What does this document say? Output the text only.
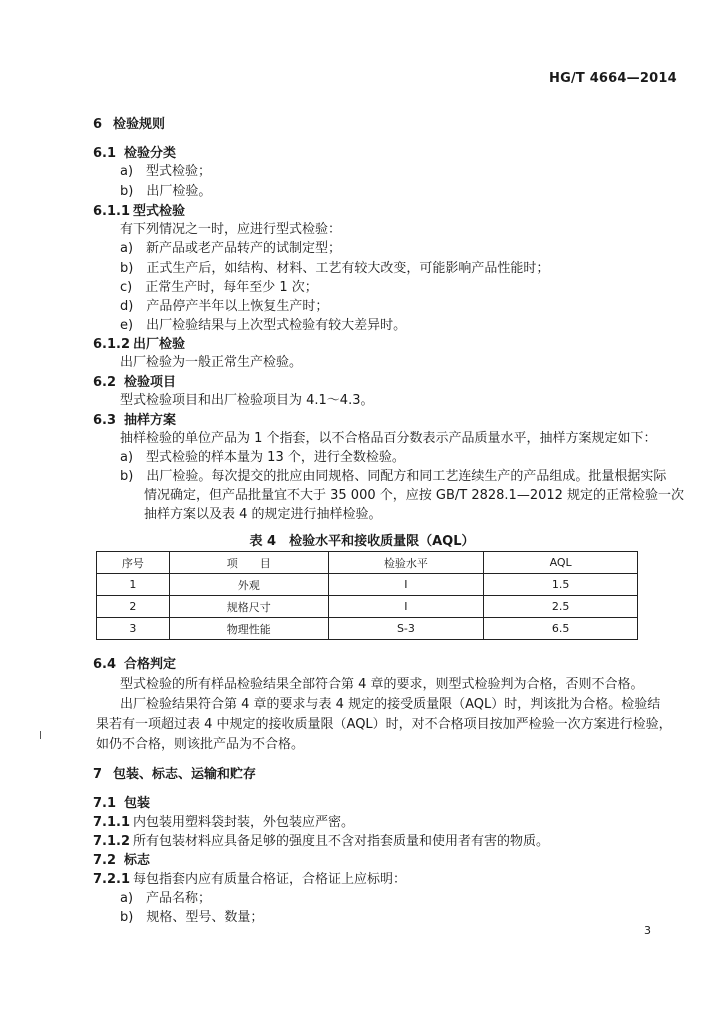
HG/T 4664—2014
6 检验规则
6.1 检验分类
a)　型式检验；
b)　出厂检验。
6.1.1 型式检验
有下列情况之一时，应进行型式检验：
a)　新产品或老产品转产的试制定型；
b)　正式生产后，如结构、材料、工艺有较大改变，可能影响产品性能时；
c)　正常生产时，每年至少 1 次；
d)　产品停产半年以上恢复生产时；
e)　出厂检验结果与上次型式检验有较大差异时。
6.1.2 出厂检验
出厂检验为一般正常生产检验。
6.2 检验项目
型式检验项目和出厂检验项目为 4.1～4.3。
6.3 抽样方案
抽样检验的单位产品为 1 个指套，以不合格品百分数表示产品质量水平，抽样方案规定如下：
a)　型式检验的样本量为 13 个，进行全数检验。
b)　出厂检验。每次提交的批应由同规格、同配方和同工艺连续生产的产品组成。批量根据实际
情况确定，但产品批量宜不大于 35 000 个，应按 GB/T 2828.1—2012 规定的正常检验一次
抽样方案以及表 4 的规定进行抽样检验。
表 4　检验水平和接收质量限（AQL）
序号	项　　目	检验水平	AQL
1	外观	I	1.5
2	规格尺寸	I	2.5
3	物理性能	S-3	6.5
6.4 合格判定
型式检验的所有样品检验结果全部符合第 4 章的要求，则型式检验判为合格，否则不合格。
出厂检验结果符合第 4 章的要求与表 4 规定的接受质量限（AQL）时，判该批为合格。检验结
果若有一项超过表 4 中规定的接收质量限（AQL）时，对不合格项目按加严检验一次方案进行检验，
如仍不合格，则该批产品为不合格。
7 包装、标志、运输和贮存
7.1 包装
7.1.1 内包装用塑料袋封装，外包装应严密。
7.1.2 所有包装材料应具备足够的强度且不含对指套质量和使用者有害的物质。
7.2 标志
7.2.1 每包指套内应有质量合格证，合格证上应标明：
a)　产品名称；
b)　规格、型号、数量；
3
